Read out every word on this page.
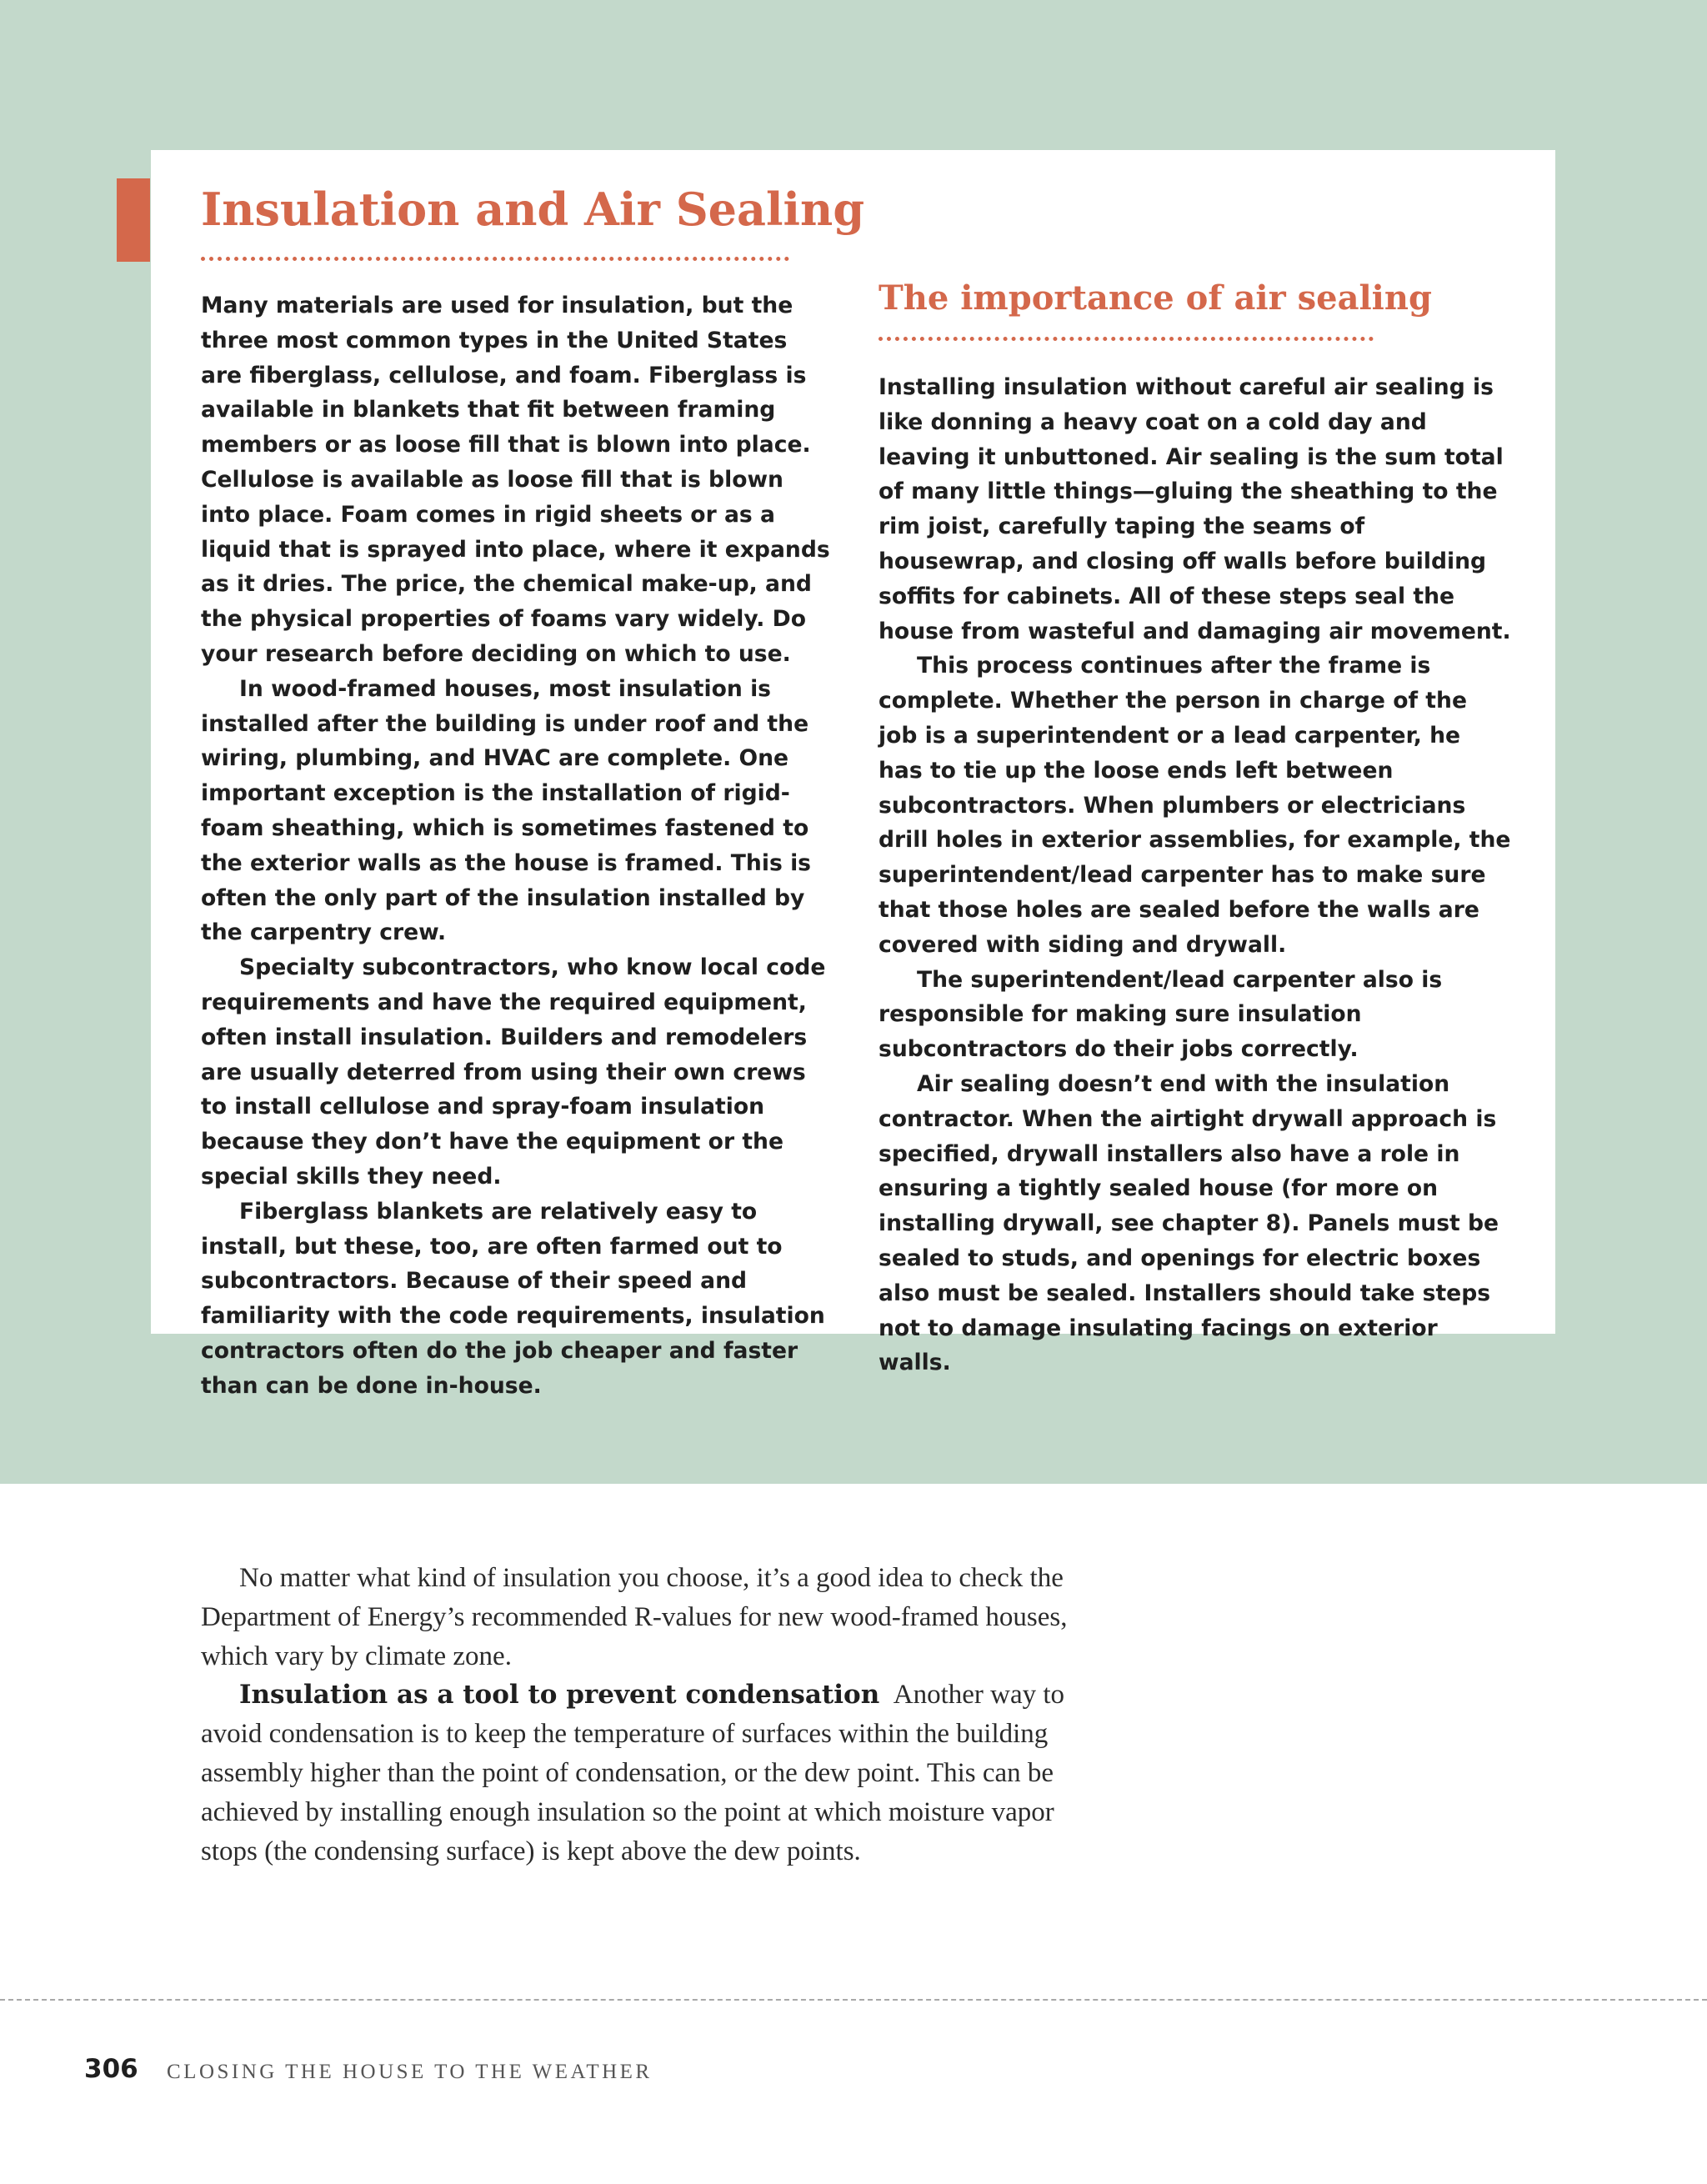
Insulation and Air Sealing

Many materials are used for insulation, but the three most common types in the United States are fiberglass, cellulose, and foam. Fiberglass is available in blankets that fit between framing members or as loose fill that is blown into place. Cellulose is available as loose fill that is blown into place. Foam comes in rigid sheets or as a liquid that is sprayed into place, where it expands as it dries. The price, the chemical make-up, and the physical properties of foams vary widely. Do your research before deciding on which to use.

In wood-framed houses, most insulation is installed after the building is under roof and the wiring, plumbing, and HVAC are complete. One important exception is the installation of rigid-foam sheathing, which is sometimes fastened to the exterior walls as the house is framed. This is often the only part of the insulation installed by the carpentry crew.

Specialty subcontractors, who know local code requirements and have the required equipment, often install insulation. Builders and remodelers are usually deterred from using their own crews to install cellulose and spray-foam insulation because they don’t have the equipment or the special skills they need.

Fiberglass blankets are relatively easy to install, but these, too, are often farmed out to subcontractors. Because of their speed and familiarity with the code requirements, insulation contractors often do the job cheaper and faster than can be done in-house.

The importance of air sealing

Installing insulation without careful air sealing is like donning a heavy coat on a cold day and leaving it unbuttoned. Air sealing is the sum total of many little things—gluing the sheathing to the rim joist, carefully taping the seams of housewrap, and closing off walls before building soffits for cabinets. All of these steps seal the house from wasteful and damaging air movement.

This process continues after the frame is complete. Whether the person in charge of the job is a superintendent or a lead carpenter, he has to tie up the loose ends left between subcontractors. When plumbers or electricians drill holes in exterior assemblies, for example, the superintendent/lead carpenter has to make sure that those holes are sealed before the walls are covered with siding and drywall.

The superintendent/lead carpenter also is responsible for making sure insulation subcontractors do their jobs correctly.

Air sealing doesn’t end with the insulation contractor. When the airtight drywall approach is specified, drywall installers also have a role in ensuring a tightly sealed house (for more on installing drywall, see chapter 8). Panels must be sealed to studs, and openings for electric boxes also must be sealed. Installers should take steps not to damage insulating facings on exterior walls.

No matter what kind of insulation you choose, it’s a good idea to check the Department of Energy’s recommended R-values for new wood-framed houses, which vary by climate zone.

Insulation as a tool to prevent condensation Another way to avoid condensation is to keep the temperature of surfaces within the building assembly higher than the point of condensation, or the dew point. This can be achieved by installing enough insulation so the point at which moisture vapor stops (the condensing surface) is kept above the dew points.

306 CLOSING THE HOUSE TO THE WEATHER
